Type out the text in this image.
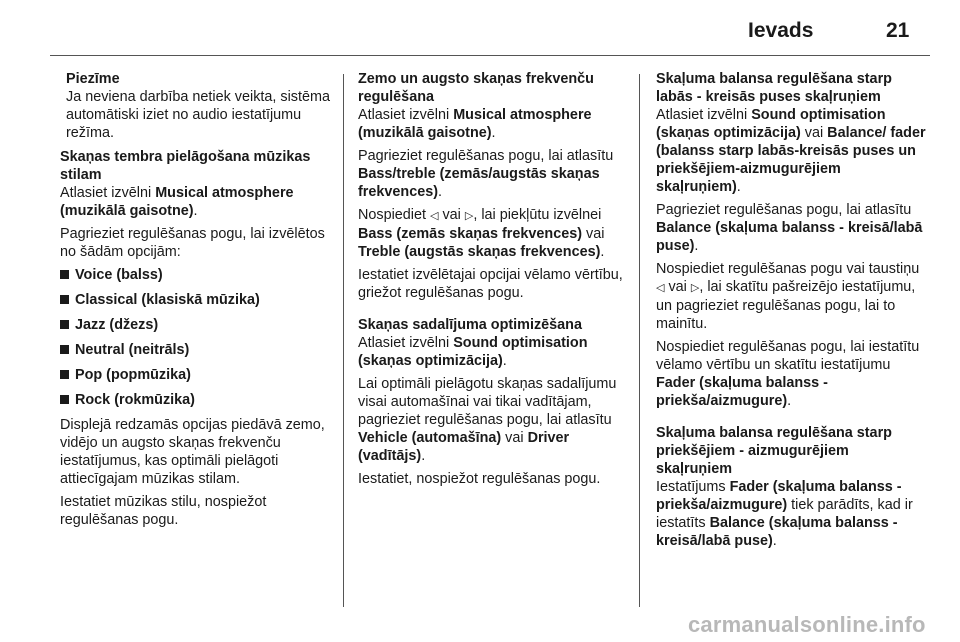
Ievads	21
Piezīme
Ja neviena darbība netiek veikta, sistēma automātiski iziet no audio iestatījumu režīma.

Skaņas tembra pielāgošana mūzikas stilam

Atlasiet izvēlni Musical atmosphere (muzikālā gaisotne).

Pagrieziet regulēšanas pogu, lai izvēlētos no šādām opcijām:

Voice (balss)
Classical (klasiskā mūzika)
Jazz (džezs)
Neutral (neitrāls)
Pop (popmūzika)
Rock (rokmūzika)

Displejā redzamās opcijas piedāvā zemo, vidējo un augsto skaņas frekvenču iestatījumus, kas optimāli pielāgoti attiecīgajam mūzikas stilam.

Iestatiet mūzikas stilu, nospiežot regulēšanas pogu.

Zemo un augsto skaņas frekvenču regulēšana

Atlasiet izvēlni Musical atmosphere (muzikālā gaisotne).

Pagrieziet regulēšanas pogu, lai atlasītu Bass/treble (zemās/augstās skaņas frekvences).

Nospiediet ◁ vai ▷, lai piekļūtu izvēlnei Bass (zemās skaņas frekvences) vai Treble (augstās skaņas frekvences).

Iestatiet izvēlētajai opcijai vēlamo vērtību, griežot regulēšanas pogu.

Skaņas sadalījuma optimizēšana

Atlasiet izvēlni Sound optimisation (skaņas optimizācija).

Lai optimāli pielāgotu skaņas sadalījumu visai automašīnai vai tikai vadītājam, pagrieziet regulēšanas pogu, lai atlasītu Vehicle (automašīna) vai Driver (vadītājs).

Iestatiet, nospiežot regulēšanas pogu.

Skaļuma balansa regulēšana starp labās - kreisās puses skaļruņiem

Atlasiet izvēlni Sound optimisation (skaņas optimizācija) vai Balance/ fader (balanss starp labās-kreisās puses un priekšējiem-aizmugurējiem skaļruņiem).

Pagrieziet regulēšanas pogu, lai atlasītu Balance (skaļuma balanss - kreisā/labā puse).

Nospiediet regulēšanas pogu vai taustiņu ◁ vai ▷, lai skatītu pašreizējo iestatījumu, un pagrieziet regulēšanas pogu, lai to mainītu.

Nospiediet regulēšanas pogu, lai iestatītu vēlamo vērtību un skatītu iestatījumu Fader (skaļuma balanss - priekša/aizmugure).

Skaļuma balansa regulēšana starp priekšējiem - aizmugurējiem skaļruņiem

Iestatījums Fader (skaļuma balanss - priekša/aizmugure) tiek parādīts, kad ir iestatīts Balance (skaļuma balanss - kreisā/labā puse).

carmanualsonline.info
